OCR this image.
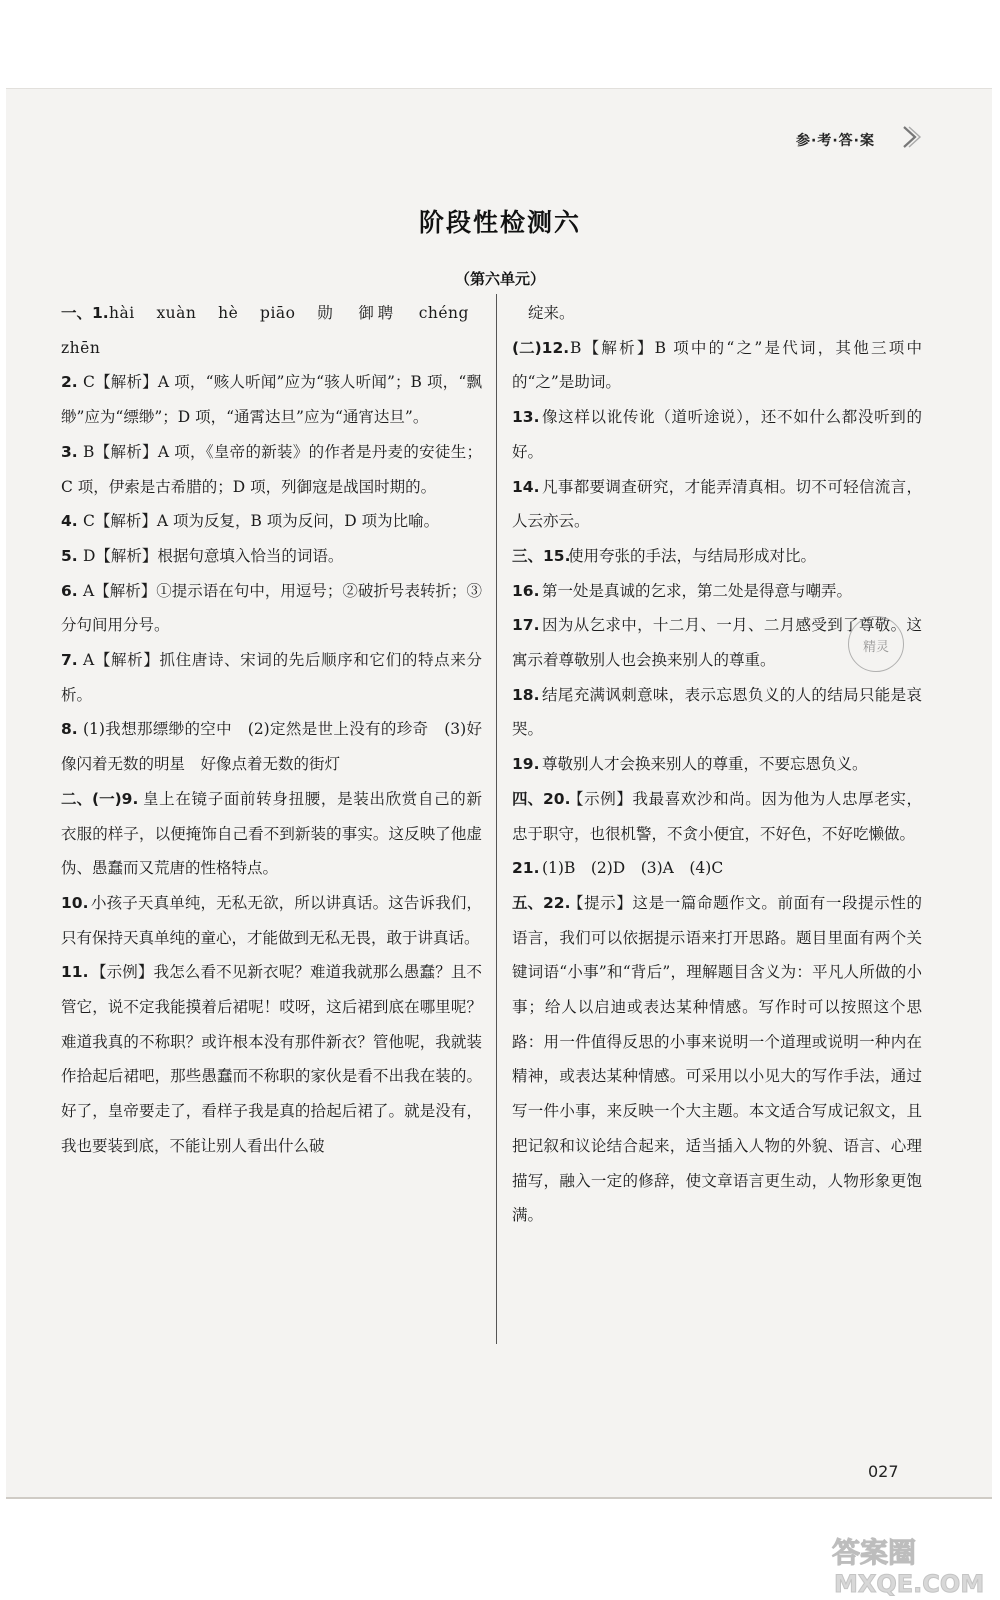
参·考·答·案
阶段性检测六
（第六单元）
一、1. hài xuàn hè piāo 勋 御聘 chéng zhēn
2. C【解析】A 项，“赅人听闻”应为“骇人听闻”；B 项，“飘缈”应为“缥缈”；D 项，“通霄达旦”应为“通宵达旦”。
3. B【解析】A 项，《皇帝的新装》的作者是丹麦的安徒生；C 项，伊索是古希腊的；D 项，列御寇是战国时期的。
4. C【解析】A 项为反复，B 项为反问，D 项为比喻。
5. D【解析】根据句意填入恰当的词语。
6. A【解析】①提示语在句中，用逗号；②破折号表转折；③分句间用分号。
7. A【解析】抓住唐诗、宋词的先后顺序和它们的特点来分析。
8. (1)我想那缥缈的空中　(2)定然是世上没有的珍奇　(3)好像闪着无数的明星　好像点着无数的街灯
二、(一)9. 皇上在镜子面前转身扭腰，是装出欣赏自己的新衣服的样子，以便掩饰自己看不到新装的事实。这反映了他虚伪、愚蠢而又荒唐的性格特点。
10. 小孩子天真单纯，无私无欲，所以讲真话。这告诉我们，只有保持天真单纯的童心，才能做到无私无畏，敢于讲真话。
11. 【示例】我怎么看不见新衣呢？难道我就那么愚蠢？且不管它，说不定我能摸着后裙呢！哎呀，这后裙到底在哪里呢？难道我真的不称职？或许根本没有那件新衣？管他呢，我就装作拾起后裙吧，那些愚蠢而不称职的家伙是看不出我在装的。好了，皇帝要走了，看样子我是真的拾起后裙了。就是没有，我也要装到底，不能让别人看出什么破
绽来。
(二)12. B【解析】B 项中的“之”是代词，其他三项中的“之”是助词。
13. 像这样以讹传讹（道听途说），还不如什么都没听到的好。
14. 凡事都要调查研究，才能弄清真相。切不可轻信流言，人云亦云。
三、15.
使用夸张的手法，与结局形成对比。
16. 第一处是真诚的乞求，第二处是得意与嘲弄。
17. 因为从乞求中，十二月、一月、二月感受到了尊敬。这寓示着尊敬别人也会换来别人的尊重。
18. 结尾充满讽刺意味，表示忘恩负义的人的结局只能是哀哭。
19. 尊敬别人才会换来别人的尊重，不要忘恩负义。
四、20.
【示例】我最喜欢沙和尚。因为他为人忠厚老实，忠于职守，也很机警，不贪小便宜，不好色，不好吃懒做。
21. (1)B　(2)D　(3)A　(4)C
五、22.
【提示】这是一篇命题作文。前面有一段提示性的语言，我们可以依据提示语来打开思路。题目里面有两个关键词语“小事”和“背后”，理解题目含义为：平凡人所做的小事；给人以启迪或表达某种情感。写作时可以按照这个思路：用一件值得反思的小事来说明一个道理或说明一种内在精神，或表达某种情感。可采用以小见大的写作手法，通过写一件小事，来反映一个大主题。本文适合写成记叙文，且把记叙和议论结合起来，适当插入人物的外貌、语言、心理描写，融入一定的修辞，使文章语言更生动，人物形象更饱满。
精灵
027
答案圈
MXQE.COM
